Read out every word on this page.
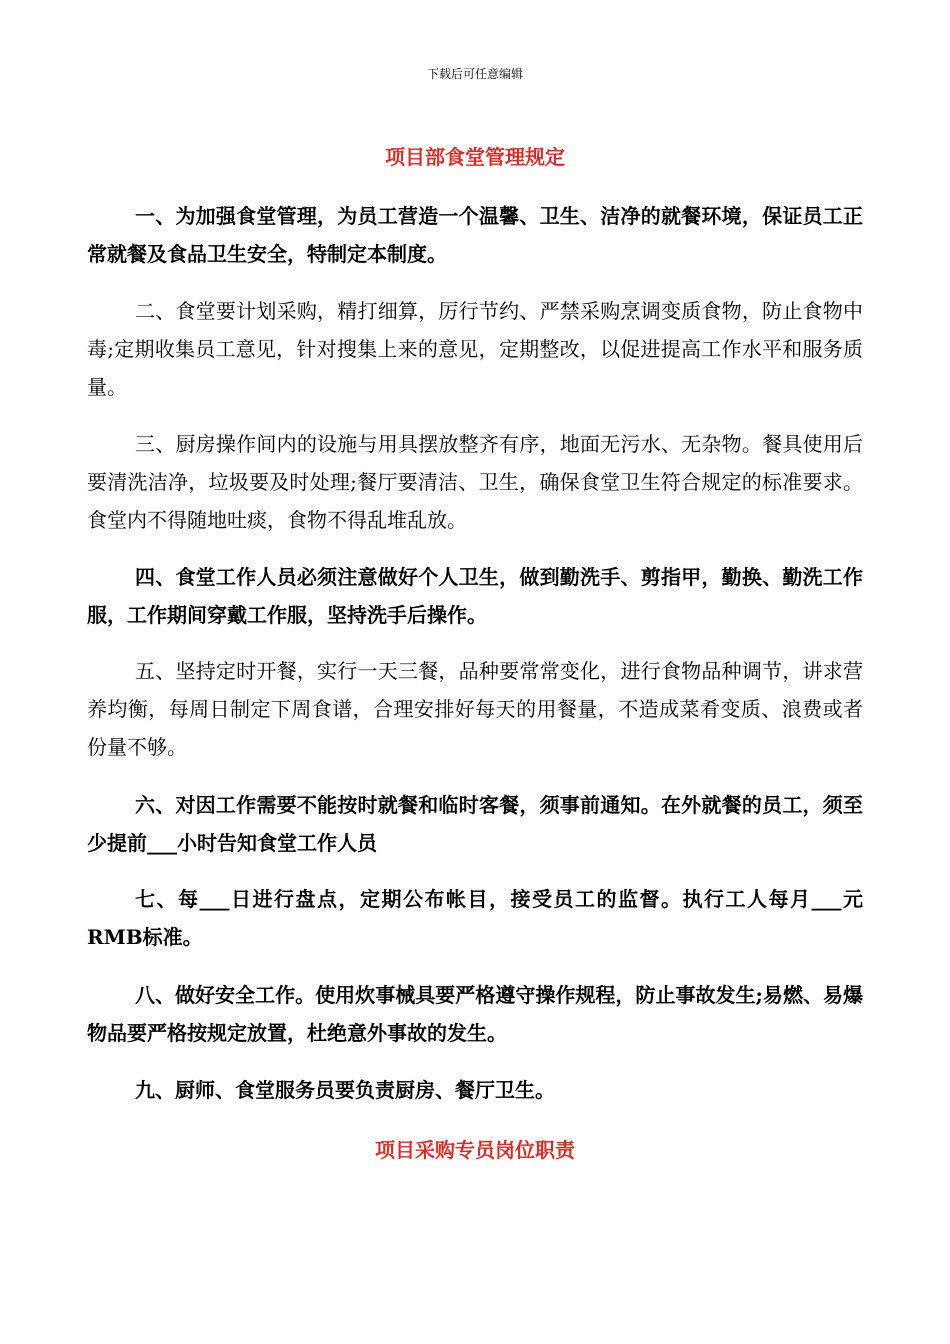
下载后可任意编辑
项目部食堂管理规定

一、为加强食堂管理，为员工营造一个温馨、卫生、洁净的就餐环境，保证员工正常就餐及食品卫生安全，特制定本制度。

二、食堂要计划采购，精打细算，厉行节约、严禁采购烹调变质食物，防止食物中毒;定期收集员工意见，针对搜集上来的意见，定期整改，以促进提高工作水平和服务质量。

三、厨房操作间内的设施与用具摆放整齐有序，地面无污水、无杂物。餐具使用后要清洗洁净，垃圾要及时处理;餐厅要清洁、卫生，确保食堂卫生符合规定的标准要求。食堂内不得随地吐痰，食物不得乱堆乱放。

四、食堂工作人员必须注意做好个人卫生，做到勤洗手、剪指甲，勤换、勤洗工作服，工作期间穿戴工作服，坚持洗手后操作。

五、坚持定时开餐，实行一天三餐，品种要常常变化，进行食物品种调节，讲求营养均衡，每周日制定下周食谱，合理安排好每天的用餐量，不造成菜肴变质、浪费或者份量不够。

六、对因工作需要不能按时就餐和临时客餐，须事前通知。在外就餐的员工，须至少提前___小时告知食堂工作人员

七、每___日进行盘点，定期公布帐目，接受员工的监督。执行工人每月___元RMB标准。

八、做好安全工作。使用炊事械具要严格遵守操作规程，防止事故发生;易燃、易爆物品要严格按规定放置，杜绝意外事故的发生。

九、厨师、食堂服务员要负责厨房、餐厅卫生。

项目采购专员岗位职责
